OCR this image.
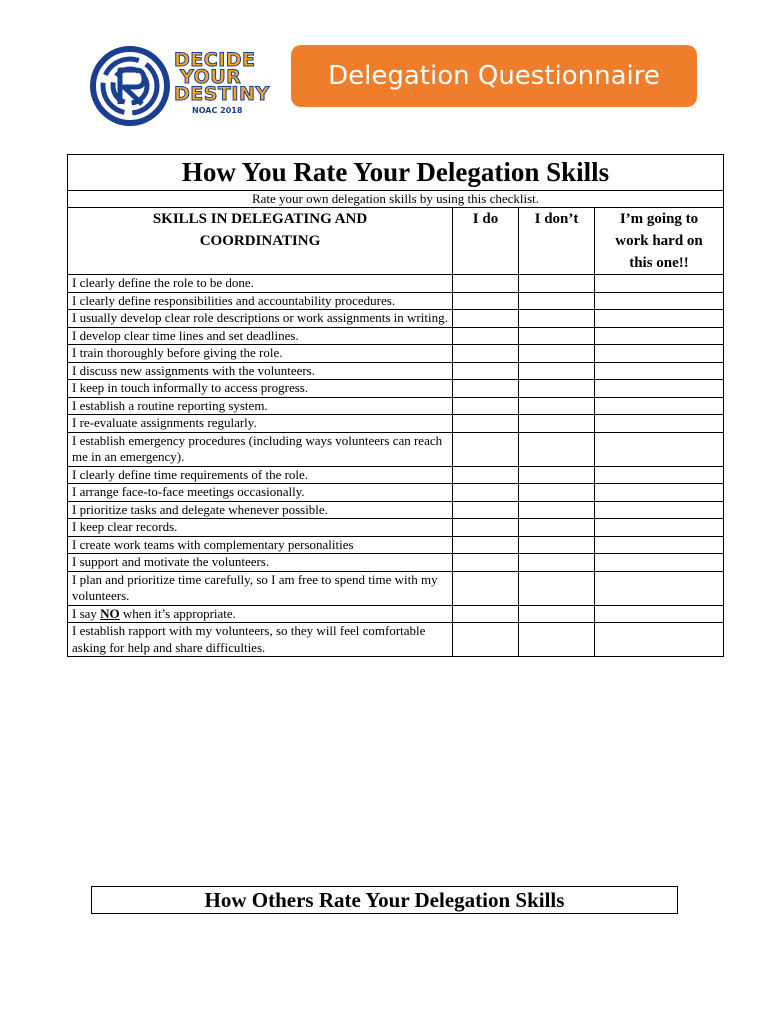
DECIDE
YOUR
DESTINY
NOAC 2018
Delegation Questionnaire
How You Rate Your Delegation Skills			
Rate your own delegation skills by using this checklist.			
SKILLS IN DELEGATING AND COORDINATING	I do	I don’t	I’m going to work hard on this one!!
I clearly define the role to be done.			
I clearly define responsibilities and accountability procedures.			
I usually develop clear role descriptions or work assignments in writing.			
I develop clear time lines and set deadlines.			
I train thoroughly before giving the role.			
I discuss new assignments with the volunteers.			
I keep in touch informally to access progress.			
I establish a routine reporting system.			
I re-evaluate assignments regularly.			
I establish emergency procedures (including ways volunteers can reach me in an emergency).			
I clearly define time requirements of the role.			
I arrange face-to-face meetings occasionally.			
I prioritize tasks and delegate whenever possible.			
I keep clear records.			
I create work teams with complementary personalities			
I support and motivate the volunteers.			
I plan and prioritize time carefully, so I am free to spend time with my volunteers.			
I say NO when it’s appropriate.			
I establish rapport with my volunteers, so they will feel comfortable asking for help and share difficulties.			
How Others Rate Your Delegation Skills
